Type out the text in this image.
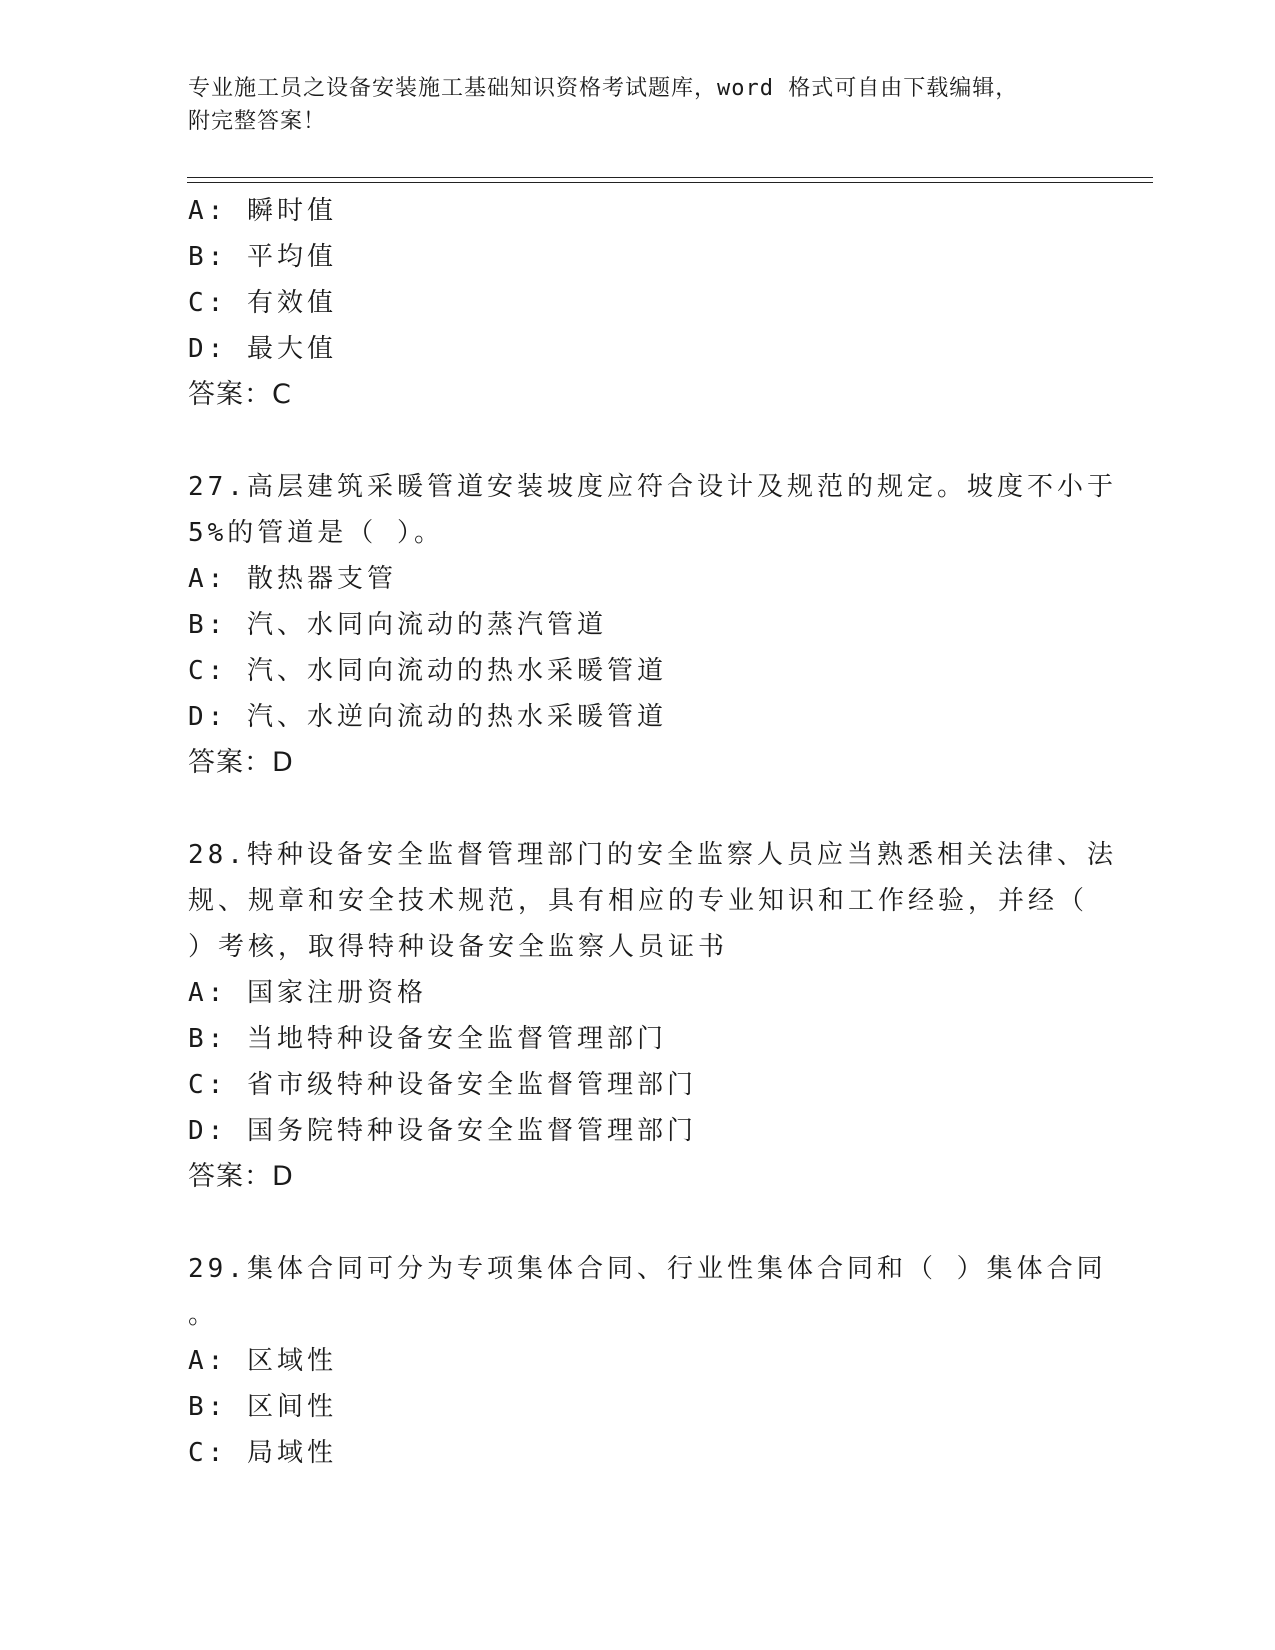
专业施工员之设备安装施工基础知识资格考试题库，word 格式可自由下载编辑，
附完整答案！
A: 瞬时值
B: 平均值
C: 有效值
D: 最大值
答案：C
27.高层建筑采暖管道安装坡度应符合设计及规范的规定。坡度不小于
5%的管道是（ ）。
A: 散热器支管
B: 汽、水同向流动的蒸汽管道
C: 汽、水同向流动的热水采暖管道
D: 汽、水逆向流动的热水采暖管道
答案：D
28.特种设备安全监督管理部门的安全监察人员应当熟悉相关法律、法
规、规章和安全技术规范，具有相应的专业知识和工作经验，并经（
）考核，取得特种设备安全监察人员证书
A: 国家注册资格
B: 当地特种设备安全监督管理部门
C: 省市级特种设备安全监督管理部门
D: 国务院特种设备安全监督管理部门
答案：D
29.集体合同可分为专项集体合同、行业性集体合同和（ ）集体合同
。
A: 区域性
B: 区间性
C: 局域性
